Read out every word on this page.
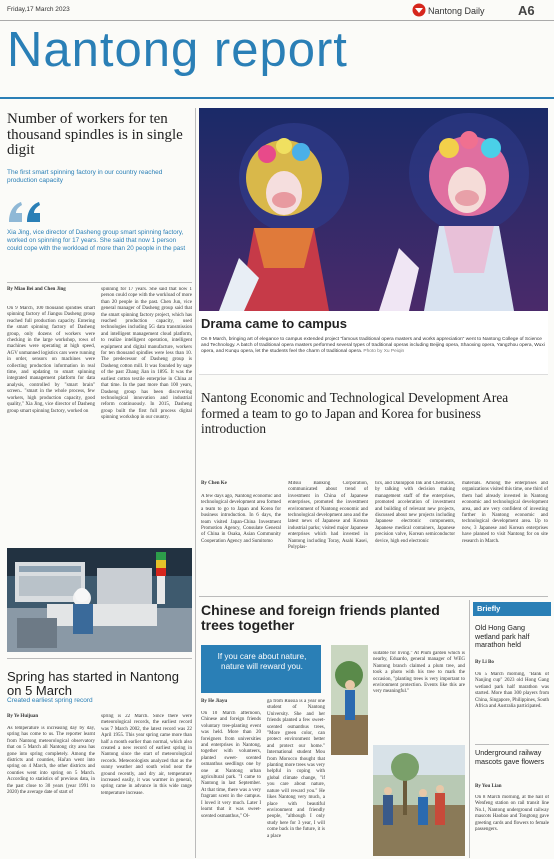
Friday,17 March 2023	Nantong Daily	A6
Nantong report
Number of workers for ten thousand spindles is in single digit
The first smart spinning factory in our country reached production capacity
Xia Jing, vice director of Dasheng group smart spinning factory, worked on spinning for 17 years. She said that now 1 person could cope with the workload of more than 20 people in the past
By Miao Bei and Chen Jing
On 9 March, 100 thousand spindles smart spinning factory of Jiangsu Dasheng group reached full production capacity. Entering the smart spinning factory of Dasheng group, only dozens of workers were checking in the large workshop, rows of machines were operating at high speed, AGV unmanned logistics cars were running in order, sensors on machines were collecting production information in real time, and updating to smart spinning integrated management platform for data analysis, controlled by "smart brain" screen.. "smart in the whole process, few workers, high production capacity, good quality," Xia Jing, vice director of Dasheng group smart spinning factory, worked on
spinning for 17 years. She said that now 1 person could cope with the workload of more than 20 people in the past. Chen Jun, vice general manager of Dasheng group said that the smart spinning factory project, which has reached production capacity, used technologies including 5G data transmission and intelligent management cloud platform, to realize intelligent operation, intelligent equipment and digital manufacture, workers for ten thousand spindles were less than 10. The predecessor of Dasheng group is Dasheng cotton mill. It was founded by sage of the past Zhang Jian in 1895. It was the earliest cotton textile enterprise in China at that time. In the past more than 100 years, Dasheng group has been discovering technological innovation and industrial reform continuously. In 2015, Dasheng group built the first full process digital spinning workshop in our country.
Drama came to campus
On 9 March, bringing art of elegance to campus extended project "famous traditional opera masters and works appreciation" went to Nantong College of Science and Technology. A batch of traditional opera masters performed several types of traditional operas including Beijing opera, Shaoxing opera, Yangzhou opera, Wuxi opera, and Kunqu opera, let the students feel the charm of traditional opera. Photo by Xu Peiqin
Nantong Economic and Technological Development Area formed a team to go to Japan and Korea for business introduction
By Chen Ke
A few days ago, Nantong economic and technological development area formed a team to go to Japan and Korea for business introduction. In 6 days, the team visited Japan-China Investment Promotion Agency, Consulate General of China in Osaka, Asian Community Cooperation Agency and Sumitomo
Mitsui Banking Corporation, communicated about trend of investment in China of Japanese enterprises, promoted the investment environment of Nantong economic and technological development area and the latest news of Japanese and Korean industrial parks; visited major Japanese enterprises which had invested in Nantong including Toray, Asahi Kasei, Polyplas-
tics, and Dainippon Ink and Chemicals, by talking with decision making management staff of the enterprises, promoted acceleration of investment and building of relevant new projects, discussed about new projects including Japanese electronic components, Japanese medical containers, Japanese precision valve, Korean semiconductor device, high end electronic
materials. Among the enterprises and organizations visited this time, one third of them had already invested in Nantong economic and technological development area, and are very confident of investing further in Nantong economic and technological development area. Up to now, 3 Japanese and Korean enterprises have planned to visit Nantong for on site research in March.
Spring has started in Nantong on 5 March
Created earliest spring record
By Ye Huijuan
As temperature is increasing day by day, spring has come to us. The reporter learnt from Nantong meteorological observatory that on 5 March all Nantong city area has gone into spring completely. Among the districts and counties, Hai'an went into spring on 4 March, the other districts and counties went into spring on 5 March. According to statistics of previous data, in the past close to 30 years (year 1991 to 2020) the average date of start of
spring is 22 March. Since there were meteorological records, the earliest record was 7 March 2002, the latest record was 22 April 1955. This year spring came more than half a month earlier than normal, which also created a new record of earliest spring in Nantong since the start of meteorological records. Meteorologists analyzed that as the sunny weather and south wind near the ground recently, and dry air, temperature increased easily, it was warmer in general, spring came in advance in this wide range temperature increase.
Chinese and foreign friends planted trees together
If you care about nature, nature will reward you.
By He Jiayu
On 10 March afternoon, Chinese and foreign friends voluntary tree-planting event was held. More than 20 foreigners from universities and enterprises in Nantong, together with volunteers, planted sweet- scented osmanthus seedlings one by one at Nantong urban agricultural park. "I came to Nantong in last September. At that time, there was a very fragrant scent in the campus. I loved it very much. Later I learnt that it was sweet-scented osmanthus," Ol-
ga from Russia is a year one student of Nantong University. She and her friends planted a few sweet- scented osmanthus trees, "More green color, can protect environment better and protect our home." International student Mou from Morocco thought that planting more trees was very helpful in coping with global climate change, "if you care about nature, nature will reward you." He likes Nantong very much, a place with beautiful environment and friendly people, "although I only study here for 3 year, I will come back in the future, it is a place
suitable for living." At Plum garden which is nearby, Eduardo, general manager of WEG Nantong branch claimed a plum tree, and took a photo with his tree to mark the occasion, "planting trees is very important to environment protection. Events like this are very meaningful."
Briefly
Old Hong Gang wetland park half marathon held
By Li Bo
On 5 March morning, "Bank of Nanjing cup" 2023 old Hong Gang wetland park half marathon was started. More than 300 players from China, Singapore, Philippines, South Africa and Australia participated.
Underground railway mascots gave flowers
By You Lian
On 8 March morning, at the hall of Wenfeng station on rail transit line No.1, Nantong underground railway mascots Haobao and Tongtong gave greeting cards and flowers to female passengers.
